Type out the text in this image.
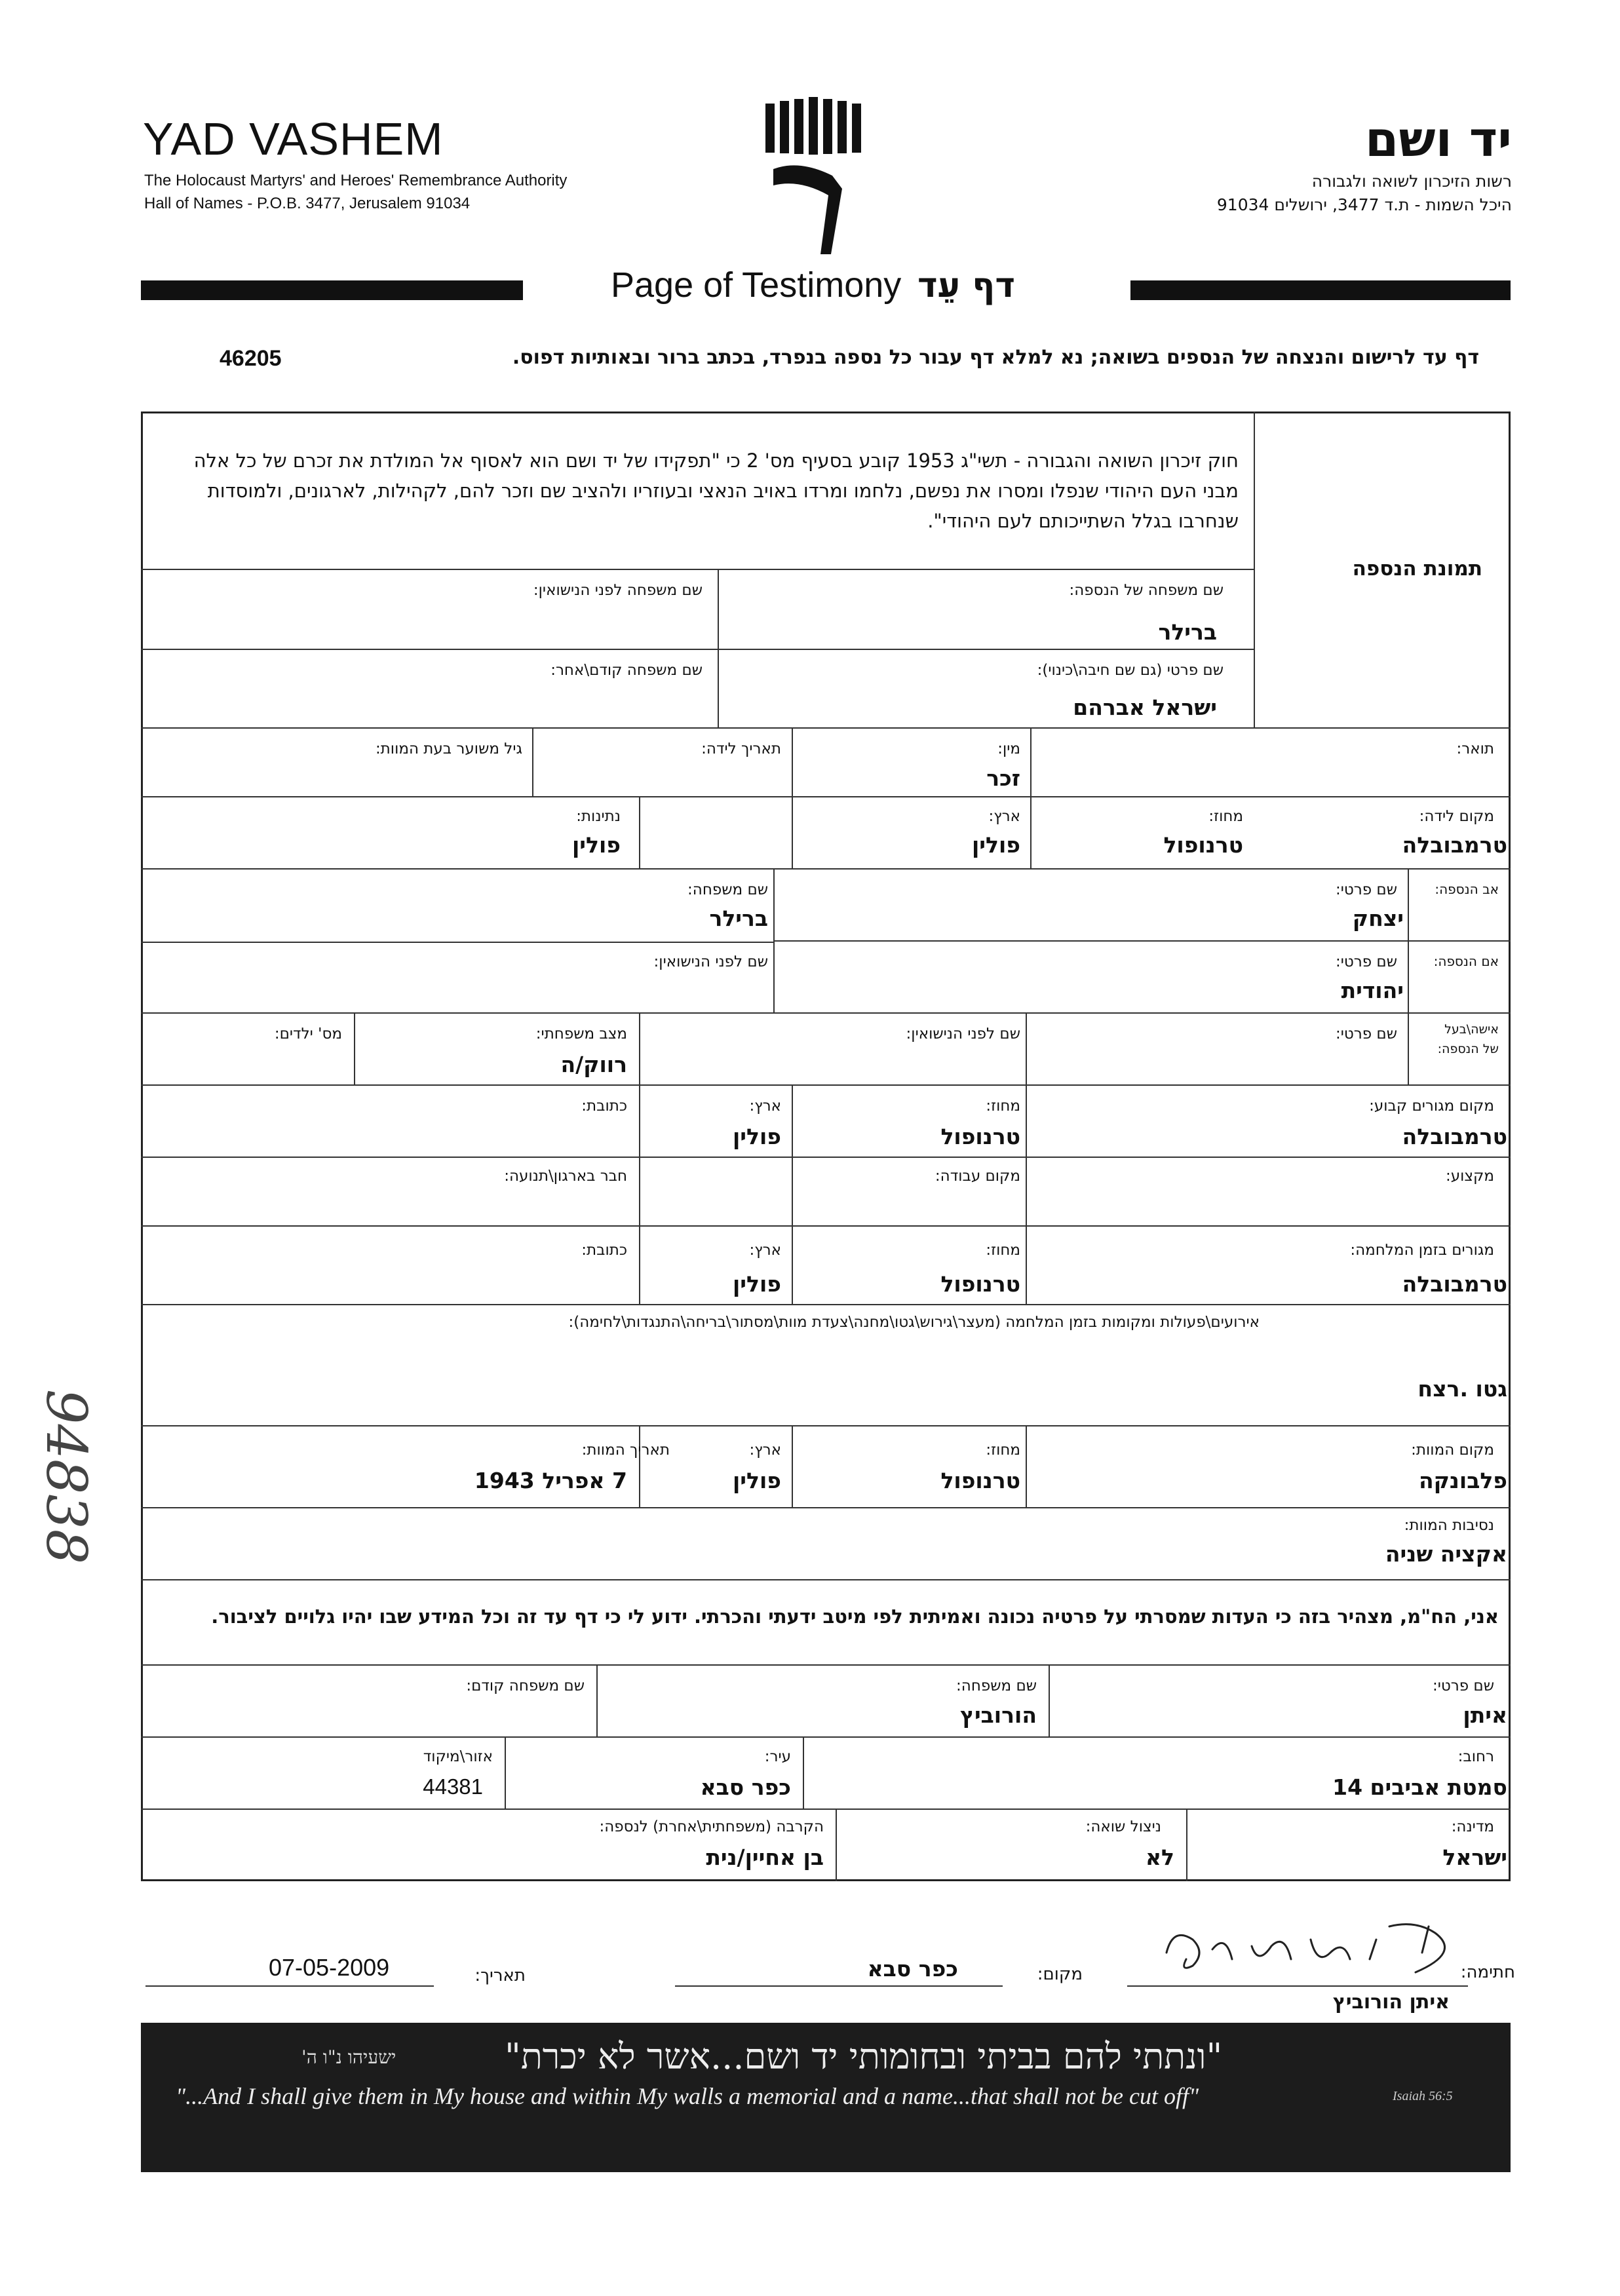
YAD VASHEM
The Holocaust Martyrs' and Heroes' Remembrance Authority
Hall of Names - P.O.B. 3477, Jerusalem 91034
יד ושם
רשות הזיכרון לשואה ולגבורה
היכל השמות - ת.ד 3477, ירושלים 91034
Page of Testimony דף עֵד
דף עד לרישום והנצחה של הנספים בשואה; נא למלא דף עבור כל נספה בנפרד, בכתב ברור ובאותיות דפוס.
46205
חוק זיכרון השואה והגבורה - תשי"ג 1953 קובע בסעיף מס' 2 כי "תפקידו של יד ושם הוא לאסוף אל המולדת את זכרם של כל אלה מבני העם היהודי שנפלו ומסרו את נפשם, נלחמו ומרדו באויב הנאצי ובעוזריו ולהציב שם וזכר להם, לקהילות, לארגונים, ולמוסדות שנחרבו בגלל השתייכותם לעם היהודי".
תמונת הנספה
שם משפחה של הנספה:
ברילר
שם משפחה לפני הנישואין:
שם פרטי (גם שם חיבה\כינוי):
ישראל אברהם
שם משפחה קודם\אחר:
תואר:
מין:
זכר
תאריך לידה:
גיל משוער בעת המוות:
מקום לידה:
טרמבובלה
מחוז:
טרנופול
ארץ:
פולין
נתינות:
פולין
אב הנספה:
שם פרטי:
יצחק
שם משפחה:
ברילר
אם הנספה:
שם פרטי:
יהודית
שם לפני הנישואין:
אישה\בעל
של הנספה:
שם פרטי:
שם לפני הנישואין:
מצב משפחתי:
רווק/ה
מס' ילדים:
מקום מגורים קבוע:
טרמבובלה
מחוז:
טרנופול
ארץ:
פולין
כתובת:
מקצוע:
מקום עבודה:
חבר בארגון\תנועה:
מגורים בזמן המלחמה:
טרמבובלה
מחוז:
טרנופול
ארץ:
פולין
כתובת:
אירועים\פעולות ומקומות בזמן המלחמה (מעצר\גירוש\גטו\מחנה\צעדת מוות\מסתור\בריחה\התנגדות\לחימה):
גטו .רצח
מקום המוות:
פלבונקה
מחוז:
טרנופול
ארץ:
פולין
תאריך המוות:
7 אפריל 1943
נסיבות המוות:
אקציה שניה
אני, הח"מ, מצהיר בזה כי העדות שמסרתי על פרטיה נכונה ואמיתית לפי מיטב ידעתי והכרתי. ידוע לי כי דף עד זה וכל המידע שבו יהיו גלויים לציבור.
שם פרטי:
איתן
שם משפחה:
הורוביץ
שם משפחה קודם:
רחוב:
סמטת אביבים 14
עיר:
כפר סבא
אזור\מיקוד
44381
מדינה:
ישראל
ניצול שואה:
לא
הקרבה (משפחתית\אחרת) לנספה:
בן אחיין/נית
חתימה:
איתן הורוביץ
מקום:
כפר סבא
תאריך:
07-05-2009
"ונתתי להם בביתי ובחומותי יד ושם...אשר לא יכרת"
ישעיהו נ"ו ה'
"...And I shall give them in My house and within My walls a memorial and a name...that shall not be cut off"	Isaiah 56:5
94838
